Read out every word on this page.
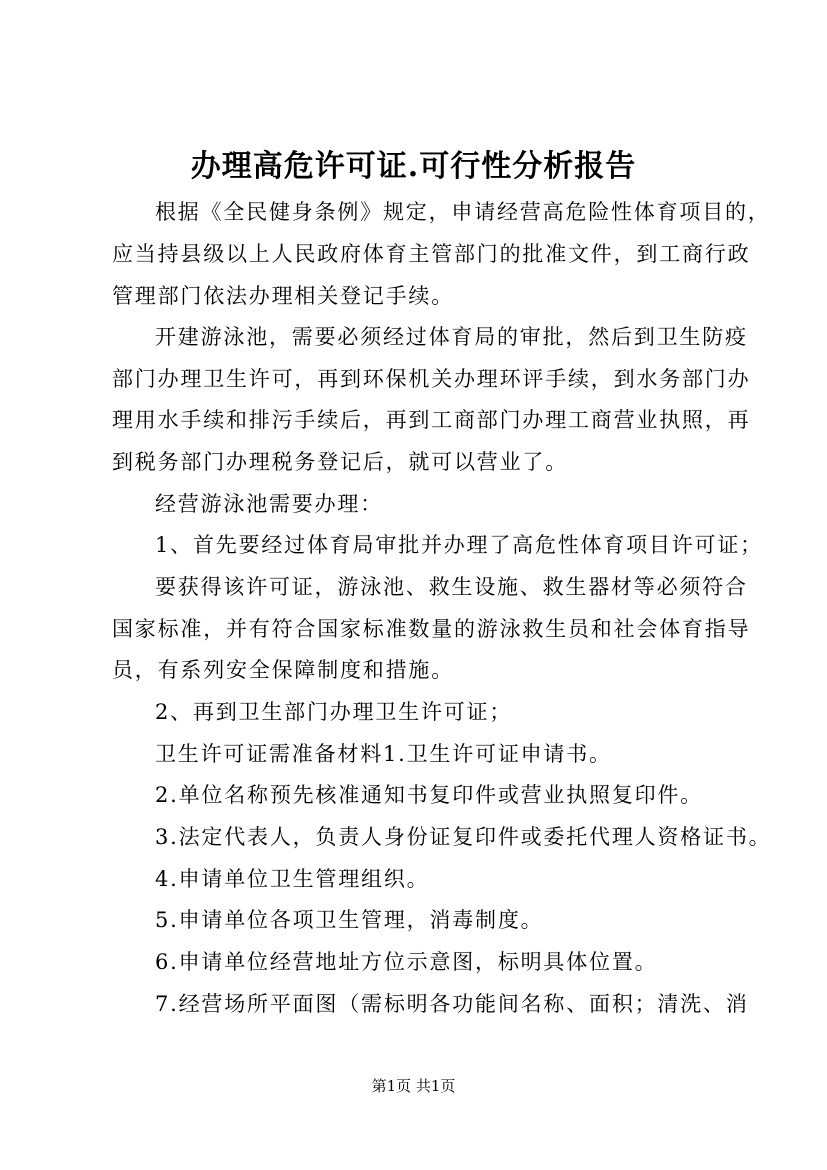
办理高危许可证.可行性分析报告
根据《全民健身条例》规定，申请经营高危险性体育项目的，
应当持县级以上人民政府体育主管部门的批准文件，到工商行政
管理部门依法办理相关登记手续。
开建游泳池，需要必须经过体育局的审批，然后到卫生防疫
部门办理卫生许可，再到环保机关办理环评手续，到水务部门办
理用水手续和排污手续后，再到工商部门办理工商营业执照，再
到税务部门办理税务登记后，就可以营业了。
经营游泳池需要办理：
1、首先要经过体育局审批并办理了高危性体育项目许可证；
要获得该许可证，游泳池、救生设施、救生器材等必须符合
国家标准，并有符合国家标准数量的游泳救生员和社会体育指导
员，有系列安全保障制度和措施。
2、再到卫生部门办理卫生许可证；
卫生许可证需准备材料1.卫生许可证申请书。
2.单位名称预先核准通知书复印件或营业执照复印件。
3.法定代表人，负责人身份证复印件或委托代理人资格证书。
4.申请单位卫生管理组织。
5.申请单位各项卫生管理，消毒制度。
6.申请单位经营地址方位示意图，标明具体位置。
7.经营场所平面图（需标明各功能间名称、面积；清洗、消
第1页 共1页
